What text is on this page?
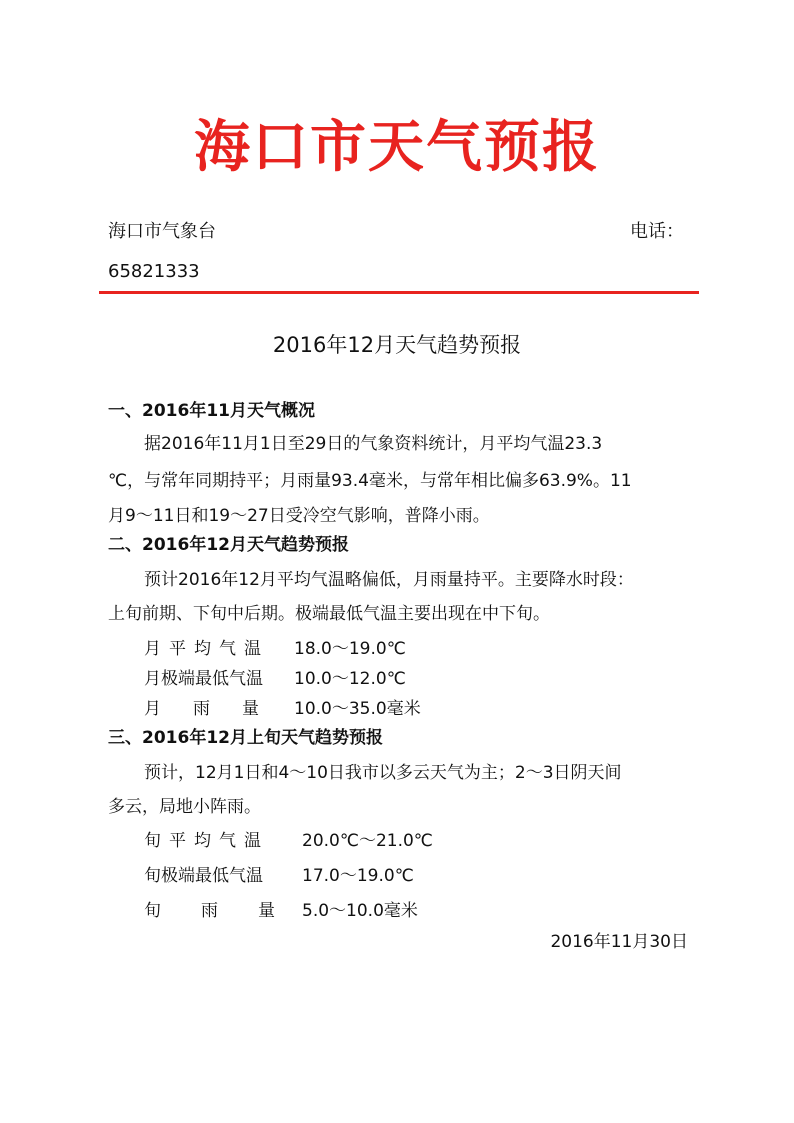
海口市天气预报
海口市气象台	电话：
65821333
2016年12月天气趋势预报
一、2016年11月天气概况
据2016年11月1日至29日的气象资料统计，月平均气温23.3
℃，与常年同期持平；月雨量93.4毫米，与常年相比偏多63.9%。11
月9～11日和19～27日受冷空气影响，普降小雨。
二、2016年12月天气趋势预报
预计2016年12月平均气温略偏低，月雨量持平。主要降水时段：
上旬前期、下旬中后期。极端最低气温主要出现在中下旬。
月平均气温 18.0～19.0℃
月极端最低气温 10.0～12.0℃
月雨量 10.0～35.0毫米
三、2016年12月上旬天气趋势预报
预计，12月1日和4～10日我市以多云天气为主；2～3日阴天间
多云，局地小阵雨。
旬平均气温 20.0℃～21.0℃
旬极端最低气温 17.0～19.0℃
旬雨量5.0～10.0毫米
2016年11月30日
